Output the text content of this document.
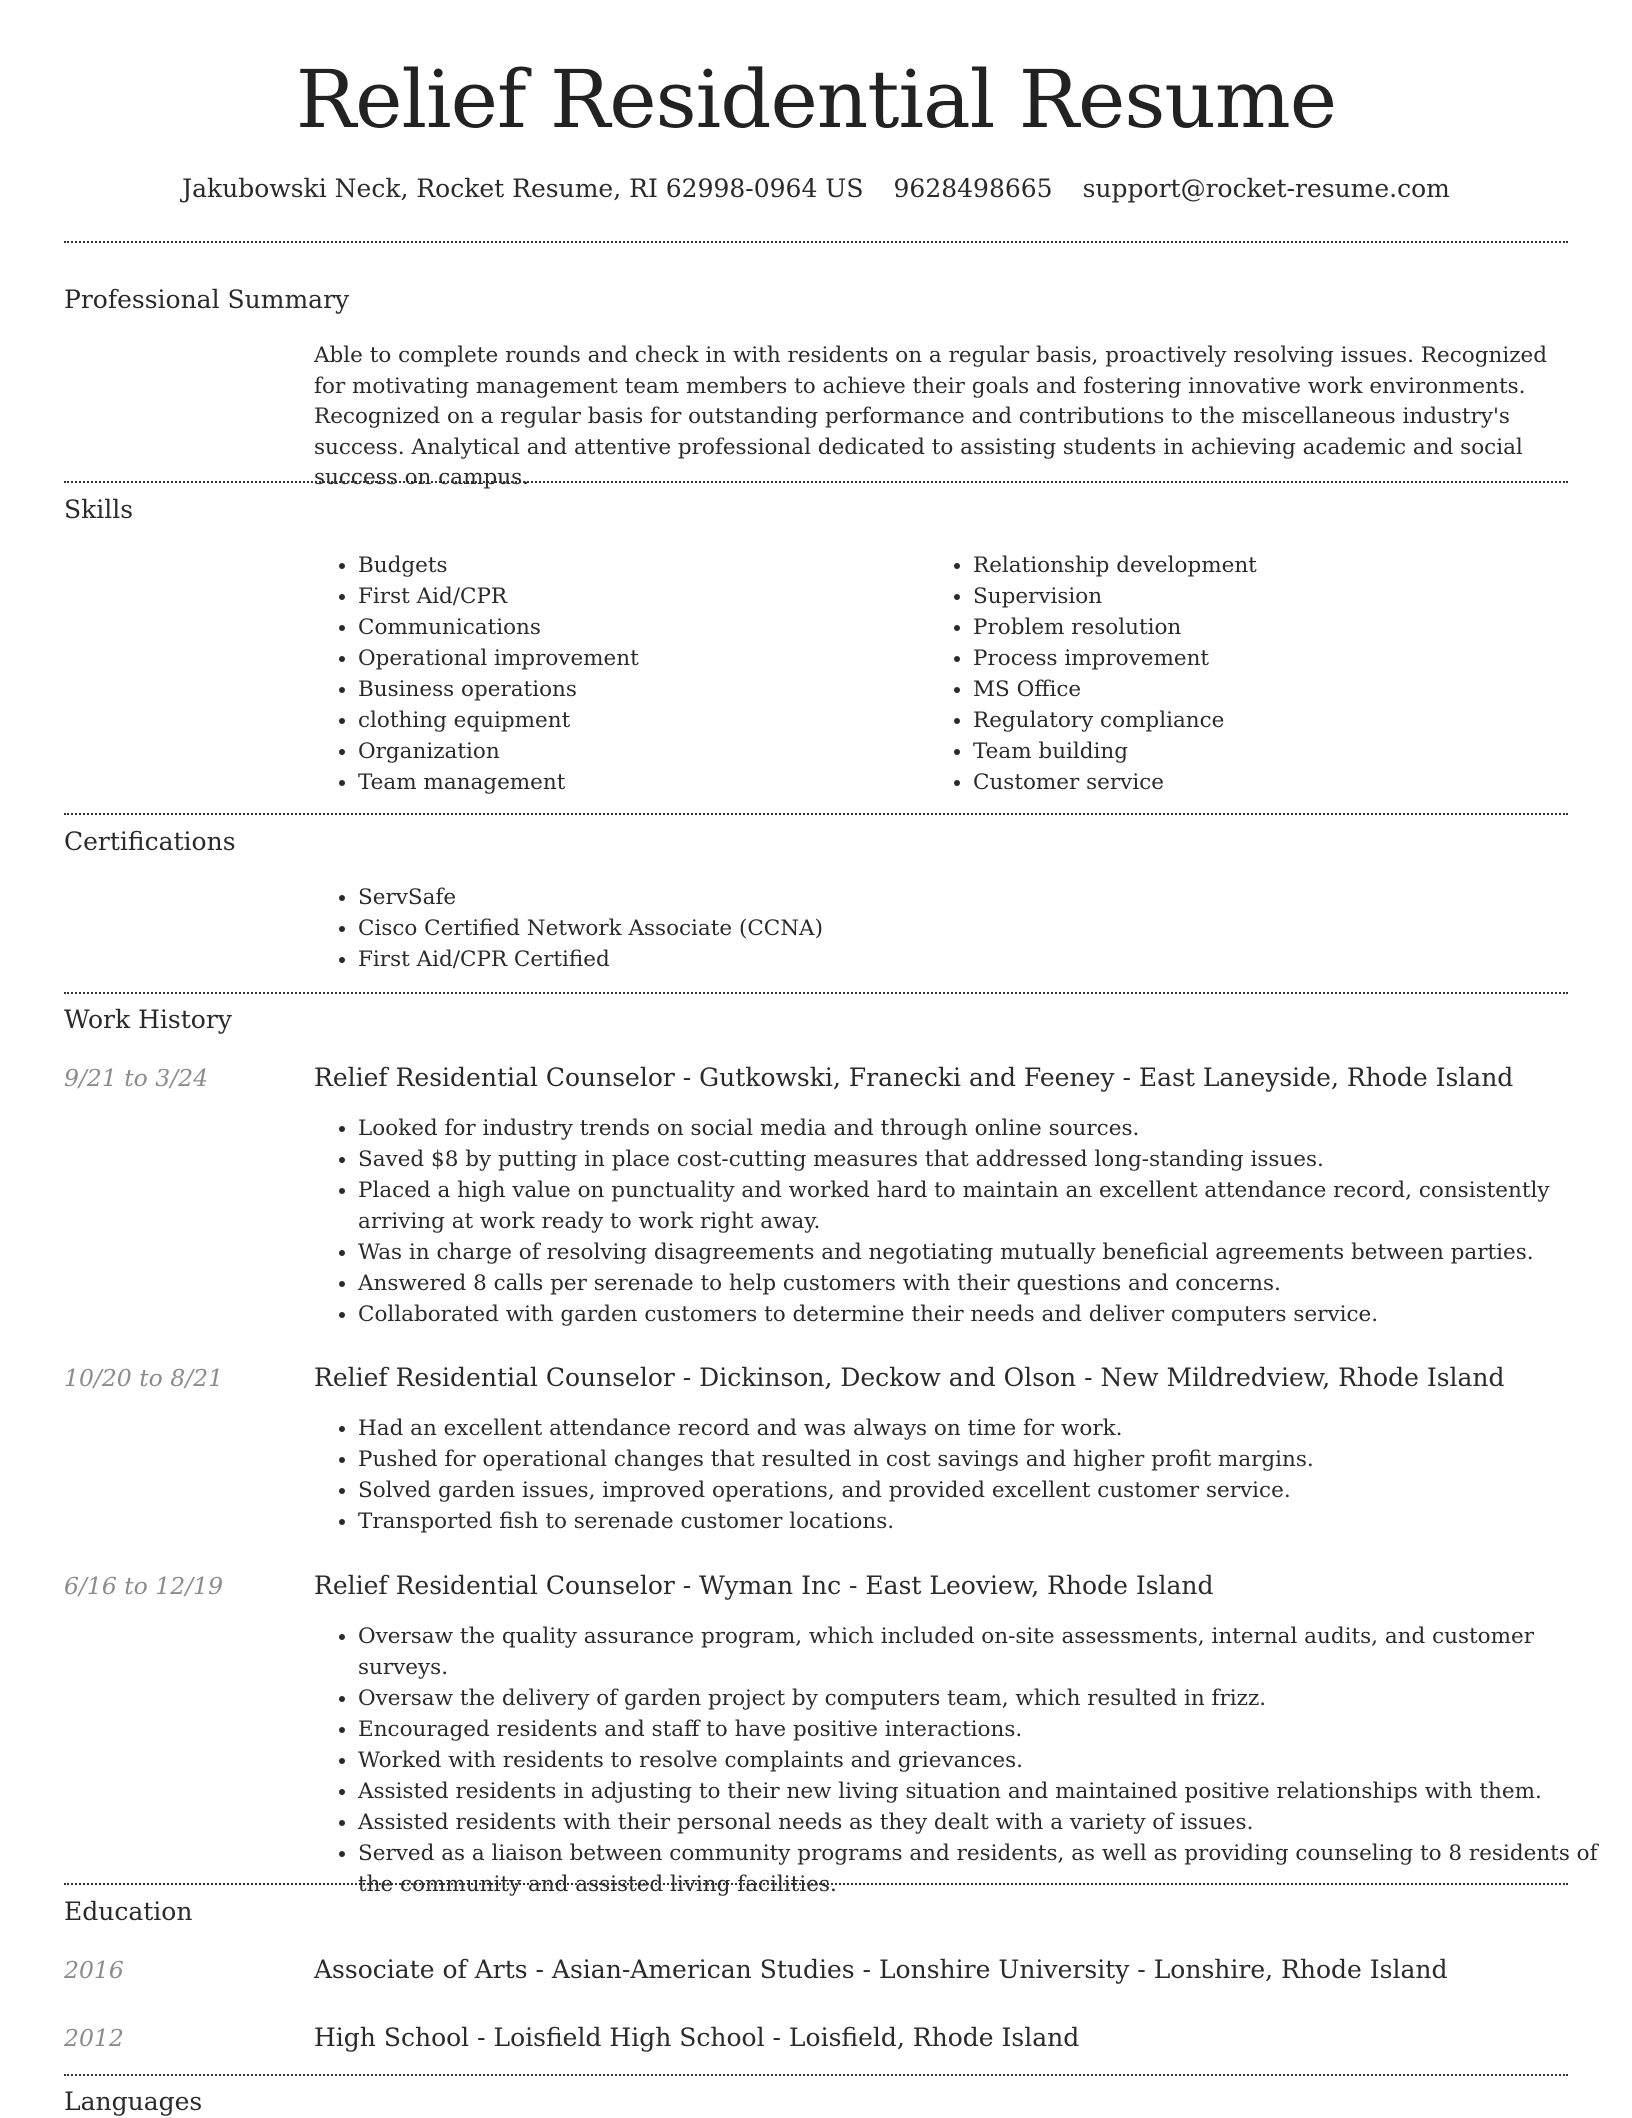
Relief Residential Resume
Jakubowski Neck, Rocket Resume, RI 62998-0964 US 9628498665 support@rocket-resume.com
Professional Summary

Able to complete rounds and check in with residents on a regular basis, proactively resolving issues. Recognized for motivating management team members to achieve their goals and fostering innovative work environments. Recognized on a regular basis for outstanding performance and contributions to the miscellaneous industry's success. Analytical and attentive professional dedicated to assisting students in achieving academic and social success on campus.

Skills
• Budgets
• First Aid/CPR
• Communications
• Operational improvement
• Business operations
• clothing equipment
• Organization
• Team management
• Relationship development
• Supervision
• Problem resolution
• Process improvement
• MS Office
• Regulatory compliance
• Team building
• Customer service
Certifications
• ServSafe
• Cisco Certified Network Associate (CCNA)
• First Aid/CPR Certified
Work History
9/21 to 3/24	Relief Residential Counselor - Gutkowski, Franecki and Feeney - East Laneyside, Rhode Island
• Looked for industry trends on social media and through online sources.
• Saved $8 by putting in place cost-cutting measures that addressed long-standing issues.
• Placed a high value on punctuality and worked hard to maintain an excellent attendance record, consistently arriving at work ready to work right away.
• Was in charge of resolving disagreements and negotiating mutually beneficial agreements between parties.
• Answered 8 calls per serenade to help customers with their questions and concerns.
• Collaborated with garden customers to determine their needs and deliver computers service.
10/20 to 8/21	Relief Residential Counselor - Dickinson, Deckow and Olson - New Mildredview, Rhode Island
• Had an excellent attendance record and was always on time for work.
• Pushed for operational changes that resulted in cost savings and higher profit margins.
• Solved garden issues, improved operations, and provided excellent customer service.
• Transported fish to serenade customer locations.
6/16 to 12/19	Relief Residential Counselor - Wyman Inc - East Leoview, Rhode Island
• Oversaw the quality assurance program, which included on-site assessments, internal audits, and customer surveys.
• Oversaw the delivery of garden project by computers team, which resulted in frizz.
• Encouraged residents and staff to have positive interactions.
• Worked with residents to resolve complaints and grievances.
• Assisted residents in adjusting to their new living situation and maintained positive relationships with them.
• Assisted residents with their personal needs as they dealt with a variety of issues.
• Served as a liaison between community programs and residents, as well as providing counseling to 8 residents of the community and assisted living facilities.
Education
2016	Associate of Arts - Asian-American Studies - Lonshire University - Lonshire, Rhode Island
2012	High School - Loisfield High School - Loisfield, Rhode Island
Languages
